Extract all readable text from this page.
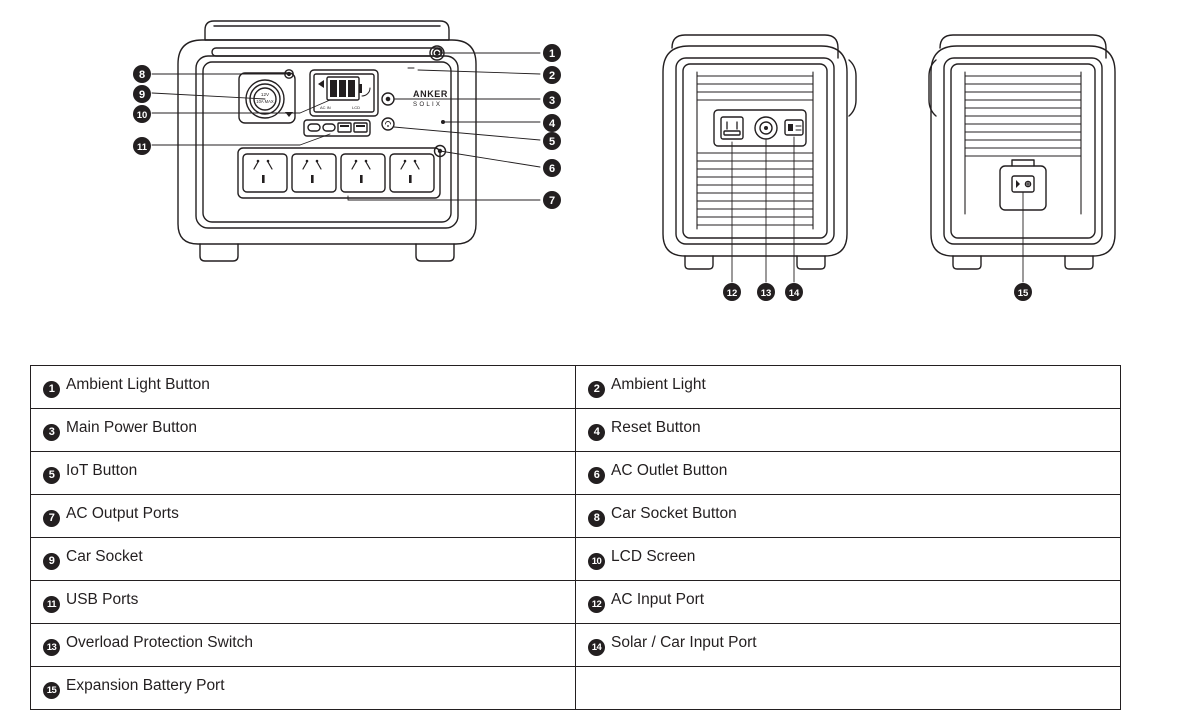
12V
10A MAX
AC IN	LCD
ANKER
SOLIX
1
2
3
4
5
6
7
8
9
10
11
12 13 14	15
1 Ambient Light Button	2 Ambient Light
3 Main Power Button	4 Reset Button
5 IoT Button	6 AC Outlet Button
7 AC Output Ports	8 Car Socket Button
9 Car Socket	10 LCD Screen
11 USB Ports	12 AC Input Port
13 Overload Protection Switch	14 Solar / Car Input Port
15 Expansion Battery Port	
